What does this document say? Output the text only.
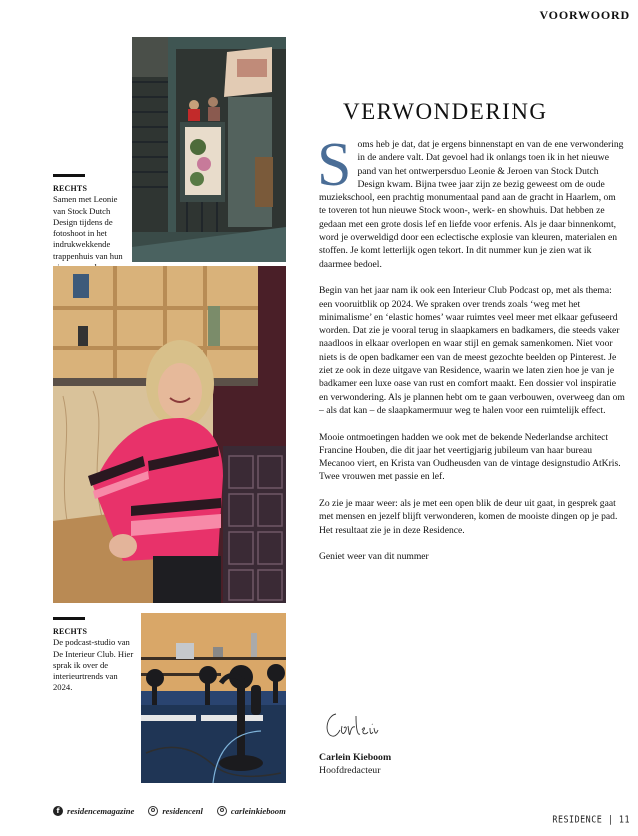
VOORWOORD
RECHTS
Samen met Leonie van Stock Dutch Design tijdens de fotoshoot in het indrukwekkende trappenhuis van hun
RECHTS
De podcast-studio van De Interieur Club. Hier sprak ik over de interieurtrends van 2024.
VERWONDERING

Soms heb je dat, dat je ergens binnenstapt en van de ene verwondering in de andere valt. Dat gevoel had ik onlangs toen ik in het nieuwe pand van het ontwerpersduo Leonie & Jeroen van Stock Dutch Design kwam. Bijna twee jaar zijn ze bezig geweest om de oude muziekschool, een prachtig monumentaal pand aan de gracht in Haarlem, om te toveren tot hun nieuwe Stock woon-, werk- en showhuis. Dat hebben ze gedaan met een grote dosis lef en liefde voor erfenis. Als je daar binnenkomt, word je overweldigd door een eclectische explosie van kleuren, materialen en stoffen. Je komt letterlijk ogen tekort. In dit nummer kun je zien wat ik daarmee bedoel.

Begin van het jaar nam ik ook een Interieur Club Podcast op, met als thema: een vooruitblik op 2024. We spraken over trends zoals ‘weg met het minimalisme’ en ‘elastic homes’ waar ruimtes veel meer met elkaar gefuseerd worden. Dat zie je vooral terug in slaapkamers en badkamers, die steeds vaker naadloos in elkaar overlopen en waar stijl en gemak samenkomen. Niet voor niets is de open badkamer een van de meest gezochte beelden op Pinterest. Je ziet ze ook in deze uitgave van Residence, waarin we laten zien hoe je van je badkamer een luxe oase van rust en comfort maakt. Een dossier vol inspiratie en verwondering. Als je plannen hebt om te gaan verbouwen, overweeg dan om – als dat kan – de slaapkamermuur weg te halen voor een ruimtelijk effect.

Mooie ontmoetingen hadden we ook met de bekende Nederlandse architect Francine Houben, die dit jaar het veertigjarig jubileum van haar bureau Mecanoo viert, en Krista van Oudheusden van de vintage designstudio AtKris. Twee vrouwen met passie en lef.

Zo zie je maar weer: als je met een open blik de deur uit gaat, in gesprek gaat met mensen en jezelf blijft verwonderen, komen de mooiste dingen op je pad. Het resultaat zie je in deze Residence.

Geniet weer van dit nummer

Carlein Kieboom
Hoofdredacteur
f residencemagazine	residencenl	carleinkieboom
RESIDENCE | 11
